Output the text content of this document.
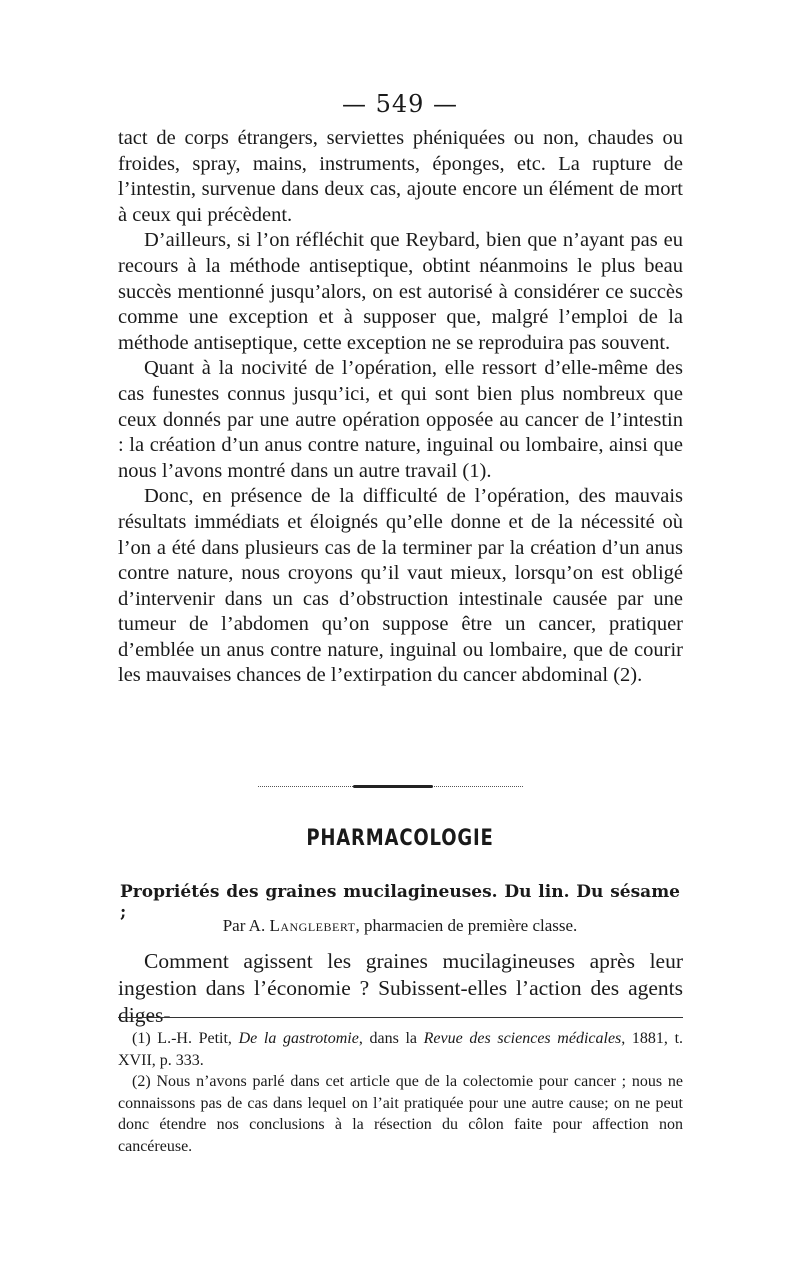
— 549 —

tact de corps étrangers, serviettes phéniquées ou non, chaudes ou froides, spray, mains, instruments, éponges, etc. La rupture de l’intestin, survenue dans deux cas, ajoute encore un élément de mort à ceux qui précèdent.

D’ailleurs, si l’on réfléchit que Reybard, bien que n’ayant pas eu recours à la méthode antiseptique, obtint néanmoins le plus beau succès mentionné jusqu’alors, on est autorisé à considérer ce succès comme une exception et à supposer que, malgré l’emploi de la méthode antiseptique, cette exception ne se reproduira pas souvent.

Quant à la nocivité de l’opération, elle ressort d’elle-même des cas funestes connus jusqu’ici, et qui sont bien plus nombreux que ceux donnés par une autre opération opposée au cancer de l’intestin : la création d’un anus contre nature, inguinal ou lombaire, ainsi que nous l’avons montré dans un autre travail (1).

Donc, en présence de la difficulté de l’opération, des mauvais résultats immédiats et éloignés qu’elle donne et de la nécessité où l’on a été dans plusieurs cas de la terminer par la création d’un anus contre nature, nous croyons qu’il vaut mieux, lorsqu’on est obligé d’intervenir dans un cas d’obstruction intestinale causée par une tumeur de l’abdomen qu’on suppose être un cancer, pratiquer d’emblée un anus contre nature, inguinal ou lombaire, que de courir les mauvaises chances de l’extirpation du cancer abdominal (2).

PHARMACOLOGIE
Propriétés des graines mucilagineuses. Du lin. Du sésame ;
Par A. Langlebert, pharmacien de première classe.

Comment agissent les graines mucilagineuses après leur ingestion dans l’économie ? Subissent-elles l’action des agents diges-

(1) L.-H. Petit, De la gastrotomie, dans la Revue des sciences médicales, 1881, t. XVII, p. 333.

(2) Nous n’avons parlé dans cet article que de la colectomie pour cancer ; nous ne connaissons pas de cas dans lequel on l’ait pratiquée pour une autre cause; on ne peut donc étendre nos conclusions à la résection du côlon faite pour affection non cancéreuse.
